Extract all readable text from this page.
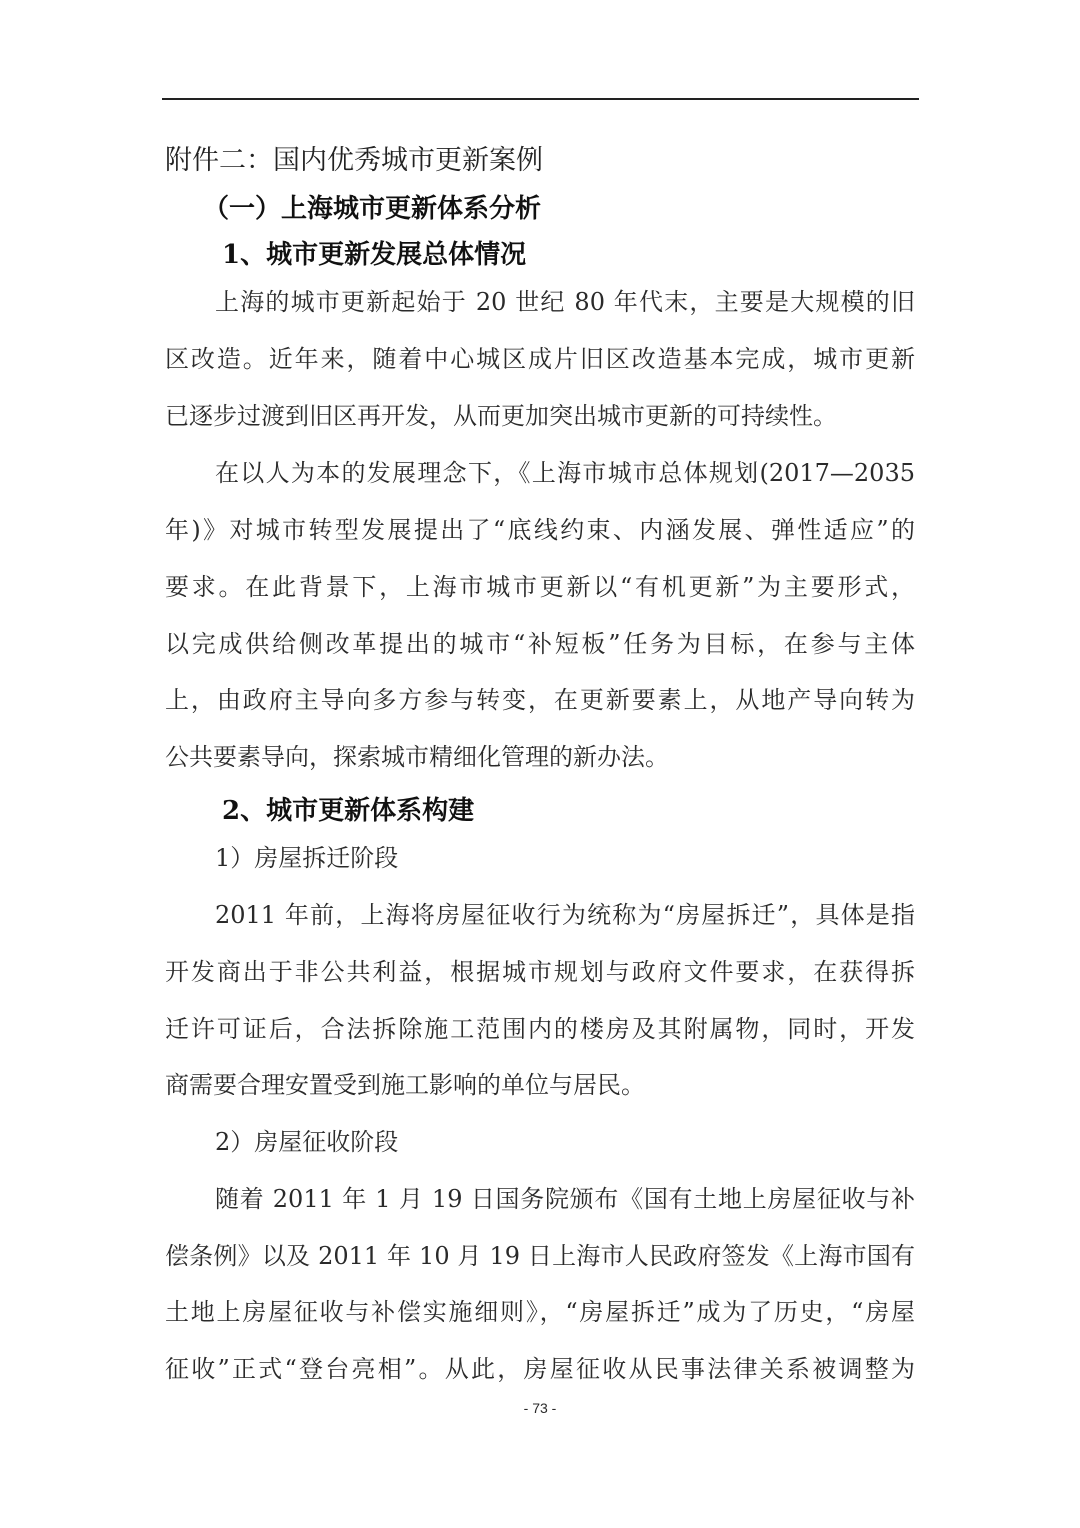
附件二：国内优秀城市更新案例
（一）上海城市更新体系分析
1、城市更新发展总体情况
上海的城市更新起始于 20 世纪 80 年代末，主要是大规模的旧
区改造。近年来，随着中心城区成片旧区改造基本完成，城市更新
已逐步过渡到旧区再开发，从而更加突出城市更新的可持续性。
在以人为本的发展理念下，《上海市城市总体规划(2017—2035
年)》对城市转型发展提出了“底线约束、内涵发展、弹性适应”的
要求。在此背景下，上海市城市更新以“有机更新”为主要形式，
以完成供给侧改革提出的城市“补短板”任务为目标，在参与主体
上，由政府主导向多方参与转变，在更新要素上，从地产导向转为
公共要素导向，探索城市精细化管理的新办法。
2、城市更新体系构建
1）房屋拆迁阶段
2011 年前，上海将房屋征收行为统称为“房屋拆迁”，具体是指
开发商出于非公共利益，根据城市规划与政府文件要求，在获得拆
迁许可证后，合法拆除施工范围内的楼房及其附属物，同时，开发
商需要合理安置受到施工影响的单位与居民。
2）房屋征收阶段
随着 2011 年 1 月 19 日国务院颁布《国有土地上房屋征收与补
偿条例》以及 2011 年 10 月 19 日上海市人民政府签发《上海市国有
土地上房屋征收与补偿实施细则》，“房屋拆迁”成为了历史，“房屋
征收”正式“登台亮相”。从此，房屋征收从民事法律关系被调整为
- 73 -
